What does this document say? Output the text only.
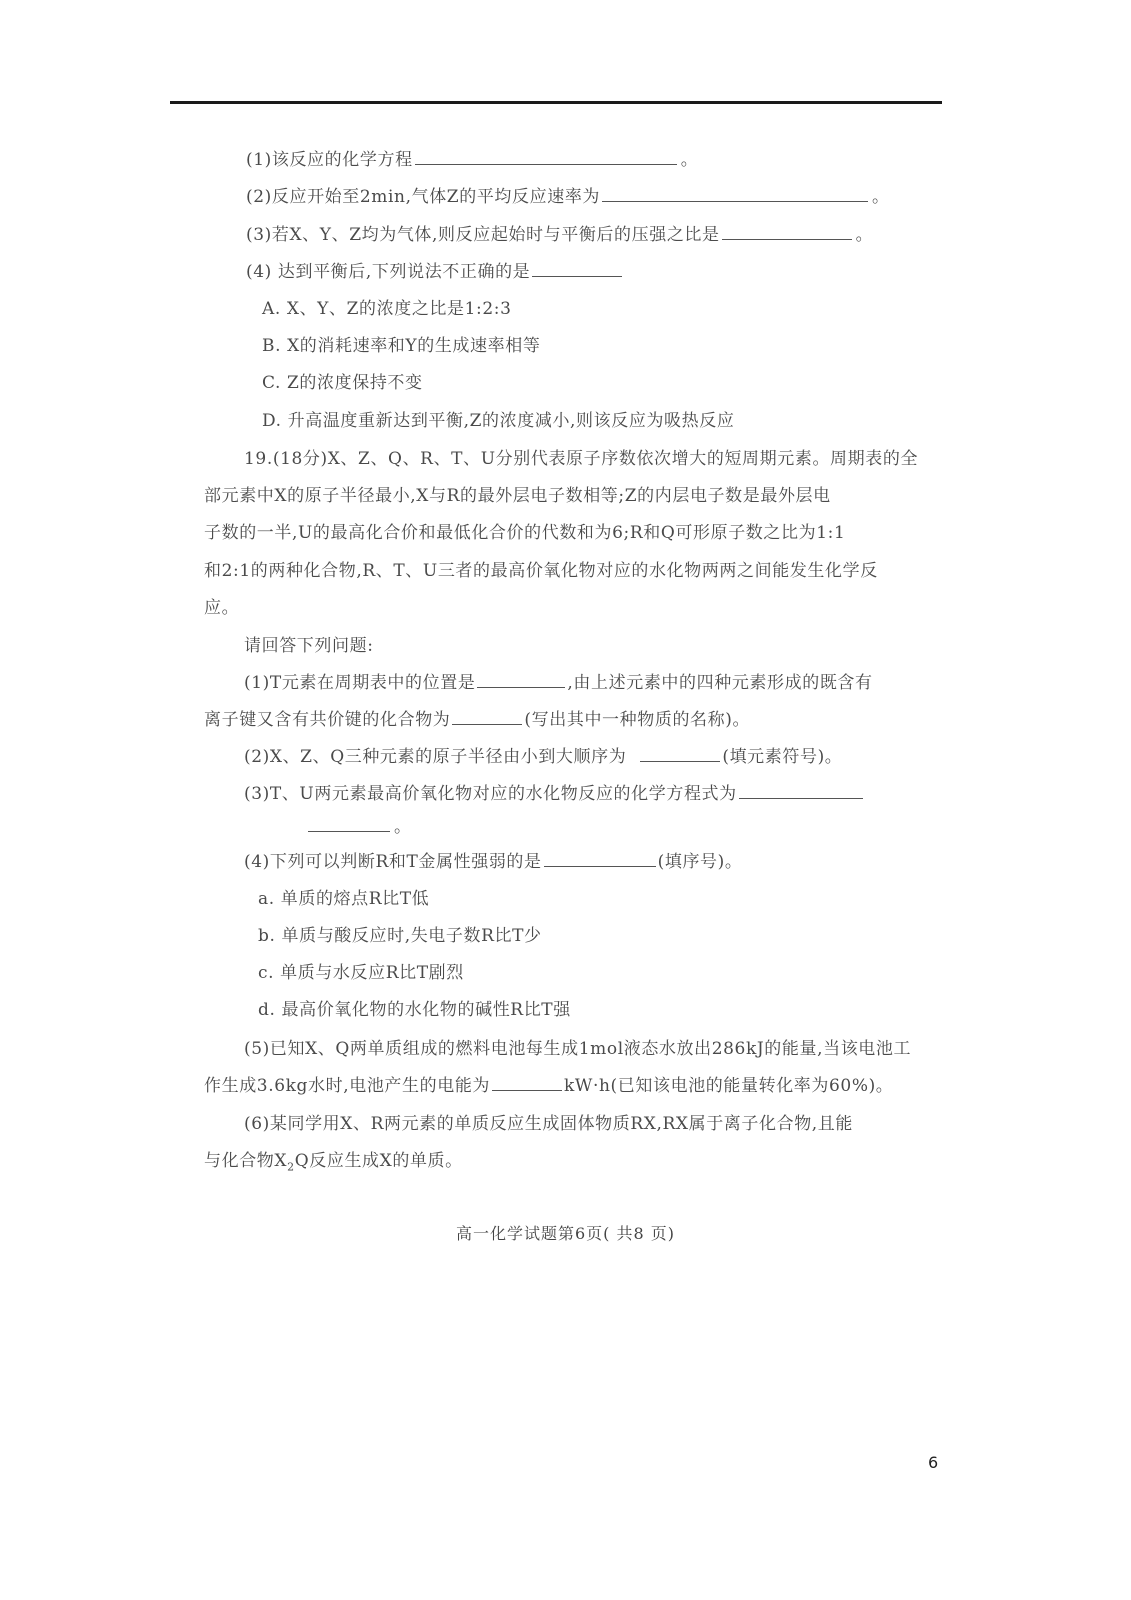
(1)该反应的化学方程	。
(2)反应开始至2min,气体Z的平均反应速率为	。
(3)若X、Y、Z均为气体,则反应起始时与平衡后的压强之比是	。
(4) 达到平衡后,下列说法不正确的是
A. X、Y、Z的浓度之比是1:2:3
B. X的消耗速率和Y的生成速率相等
C. Z的浓度保持不变
D. 升高温度重新达到平衡,Z的浓度减小,则该反应为吸热反应
19.(18分)X、Z、Q、R、T、U分别代表原子序数依次增大的短周期元素。周期表的全
部元素中X的原子半径最小,X与R的最外层电子数相等;Z的内层电子数是最外层电
子数的一半,U的最高化合价和最低化合价的代数和为6;R和Q可形原子数之比为1:1
和2:1的两种化合物,R、T、U三者的最高价氧化物对应的水化物两两之间能发生化学反
应。
请回答下列问题:
(1)T元素在周期表中的位置是	,由上述元素中的四种元素形成的既含有
离子键又含有共价键的化合物为	(写出其中一种物质的名称)。
(2)X、Z、Q三种元素的原子半径由小到大顺序为	(填元素符号)。
(3)T、U两元素最高价氧化物对应的水化物反应的化学方程式为
。
(4)下列可以判断R和T金属性强弱的是	(填序号)。
a. 单质的熔点R比T低
b. 单质与酸反应时,失电子数R比T少
c. 单质与水反应R比T剧烈
d. 最高价氧化物的水化物的碱性R比T强
(5)已知X、Q两单质组成的燃料电池每生成1mol液态水放出286kJ的能量,当该电池工
作生成3.6kg水时,电池产生的电能为	kW·h(已知该电池的能量转化率为60%)。
(6)某同学用X、R两元素的单质反应生成固体物质RX,RX属于离子化合物,且能
与化合物$X_2Q$反应生成X的单质。
高一化学试题第6页( 共8 页)
6
